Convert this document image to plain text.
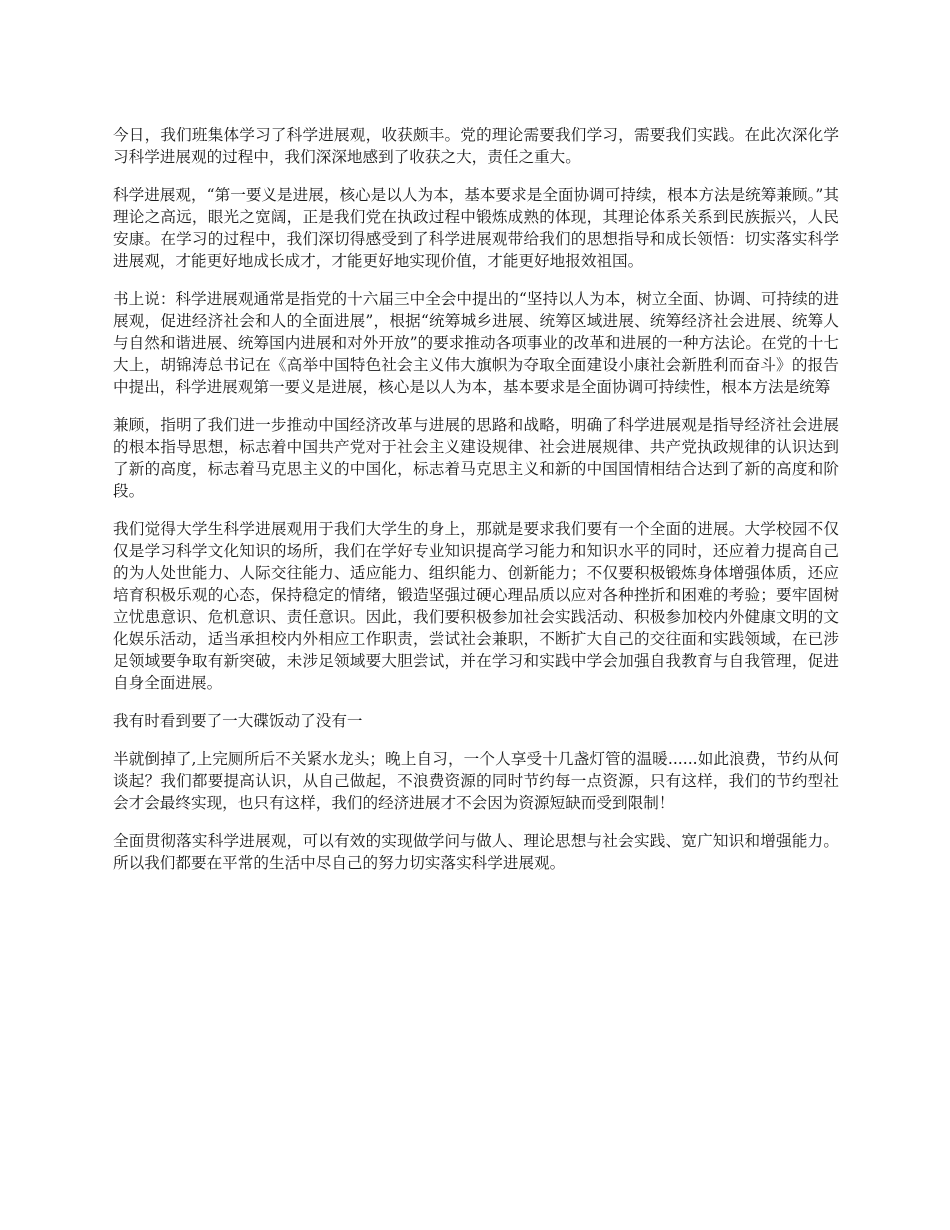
今日，我们班集体学习了科学进展观，收获颇丰。党的理论需要我们学习，需要我们实践。在此次深化学习科学进展观的过程中，我们深深地感到了收获之大，责任之重大。

科学进展观，“第一要义是进展，核心是以人为本，基本要求是全面协调可持续，根本方法是统筹兼顾。”其理论之高远，眼光之宽阔，正是我们党在执政过程中锻炼成熟的体现，其理论体系关系到民族振兴，人民安康。在学习的过程中，我们深切得感受到了科学进展观带给我们的思想指导和成长领悟：切实落实科学进展观，才能更好地成长成才，才能更好地实现价值，才能更好地报效祖国。

书上说：科学进展观通常是指党的十六届三中全会中提出的“坚持以人为本，树立全面、协调、可持续的进展观，促进经济社会和人的全面进展”，根据“统筹城乡进展、统筹区域进展、统筹经济社会进展、统筹人与自然和谐进展、统筹国内进展和对外开放”的要求推动各项事业的改革和进展的一种方法论。在党的十七大上，胡锦涛总书记在《高举中国特色社会主义伟大旗帜为夺取全面建设小康社会新胜利而奋斗》的报告中提出，科学进展观第一要义是进展，核心是以人为本，基本要求是全面协调可持续性，根本方法是统筹

兼顾，指明了我们进一步推动中国经济改革与进展的思路和战略，明确了科学进展观是指导经济社会进展的根本指导思想，标志着中国共产党对于社会主义建设规律、社会进展规律、共产党执政规律的认识达到了新的高度，标志着马克思主义的中国化，标志着马克思主义和新的中国国情相结合达到了新的高度和阶段。

我们觉得大学生科学进展观用于我们大学生的身上，那就是要求我们要有一个全面的进展。大学校园不仅仅是学习科学文化知识的场所，我们在学好专业知识提高学习能力和知识水平的同时，还应着力提高自己的为人处世能力、人际交往能力、适应能力、组织能力、创新能力；不仅要积极锻炼身体增强体质，还应培育积极乐观的心态，保持稳定的情绪，锻造坚强过硬心理品质以应对各种挫折和困难的考验；要牢固树立忧患意识、危机意识、责任意识。因此，我们要积极参加社会实践活动、积极参加校内外健康文明的文化娱乐活动，适当承担校内外相应工作职责，尝试社会兼职，不断扩大自己的交往面和实践领域，在已涉足领域要争取有新突破，未涉足领域要大胆尝试，并在学习和实践中学会加强自我教育与自我管理，促进自身全面进展。

我有时看到要了一大碟饭动了没有一

半就倒掉了,上完厕所后不关紧水龙头；晚上自习，一个人享受十几盏灯管的温暖......如此浪费，节约从何谈起？我们都要提高认识，从自己做起，不浪费资源的同时节约每一点资源，只有这样，我们的节约型社会才会最终实现，也只有这样，我们的经济进展才不会因为资源短缺而受到限制！

全面贯彻落实科学进展观，可以有效的实现做学问与做人、理论思想与社会实践、宽广知识和增强能力。所以我们都要在平常的生活中尽自己的努力切实落实科学进展观。
